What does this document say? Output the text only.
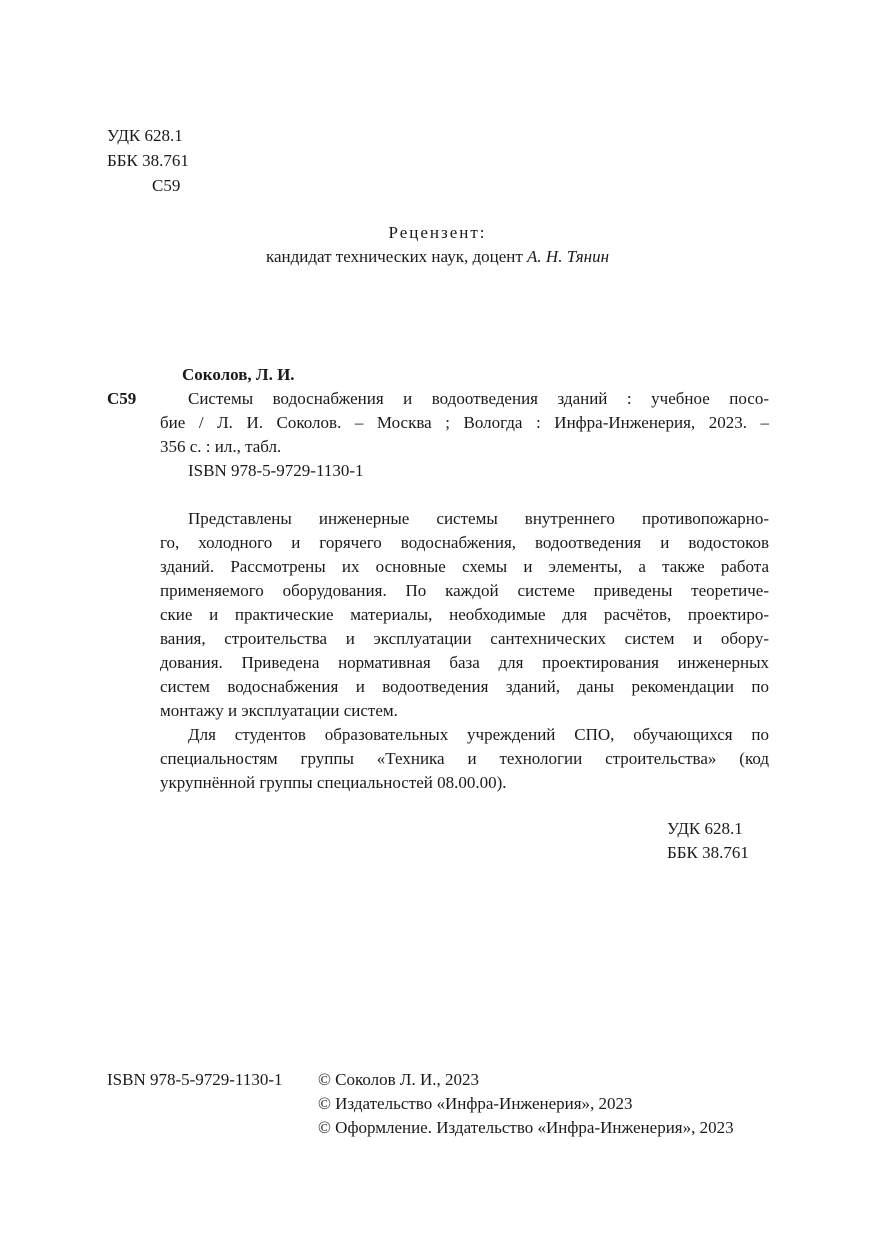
УДК 628.1
ББК 38.761
С59
Рецензент:
кандидат технических наук, доцент А. Н. Тянин
Соколов, Л. И.
С59	Системы водоснабжения и водоотведения зданий : учебное посо-
бие / Л. И. Соколов. – Москва ; Вологда : Инфра-Инженерия, 2023. –
356 с. : ил., табл.
ISBN 978-5-9729-1130-1
Представлены инженерные системы внутреннего противопожарно-
го, холодного и горячего водоснабжения, водоотведения и водостоков
зданий. Рассмотрены их основные схемы и элементы, а также работа
применяемого оборудования. По каждой системе приведены теоретиче-
ские и практические материалы, необходимые для расчётов, проектиро-
вания, строительства и эксплуатации сантехнических систем и обору-
дования. Приведена нормативная база для проектирования инженерных
систем водоснабжения и водоотведения зданий, даны рекомендации по
монтажу и эксплуатации систем.
Для студентов образовательных учреждений СПО, обучающихся по
специальностям группы «Техника и технологии строительства» (код
укрупнённой группы специальностей 08.00.00).
УДК 628.1
ББК 38.761
ISBN 978-5-9729-1130-1 © Соколов Л. И., 2023
© Издательство «Инфра-Инженерия», 2023
© Оформление. Издательство «Инфра-Инженерия», 2023
